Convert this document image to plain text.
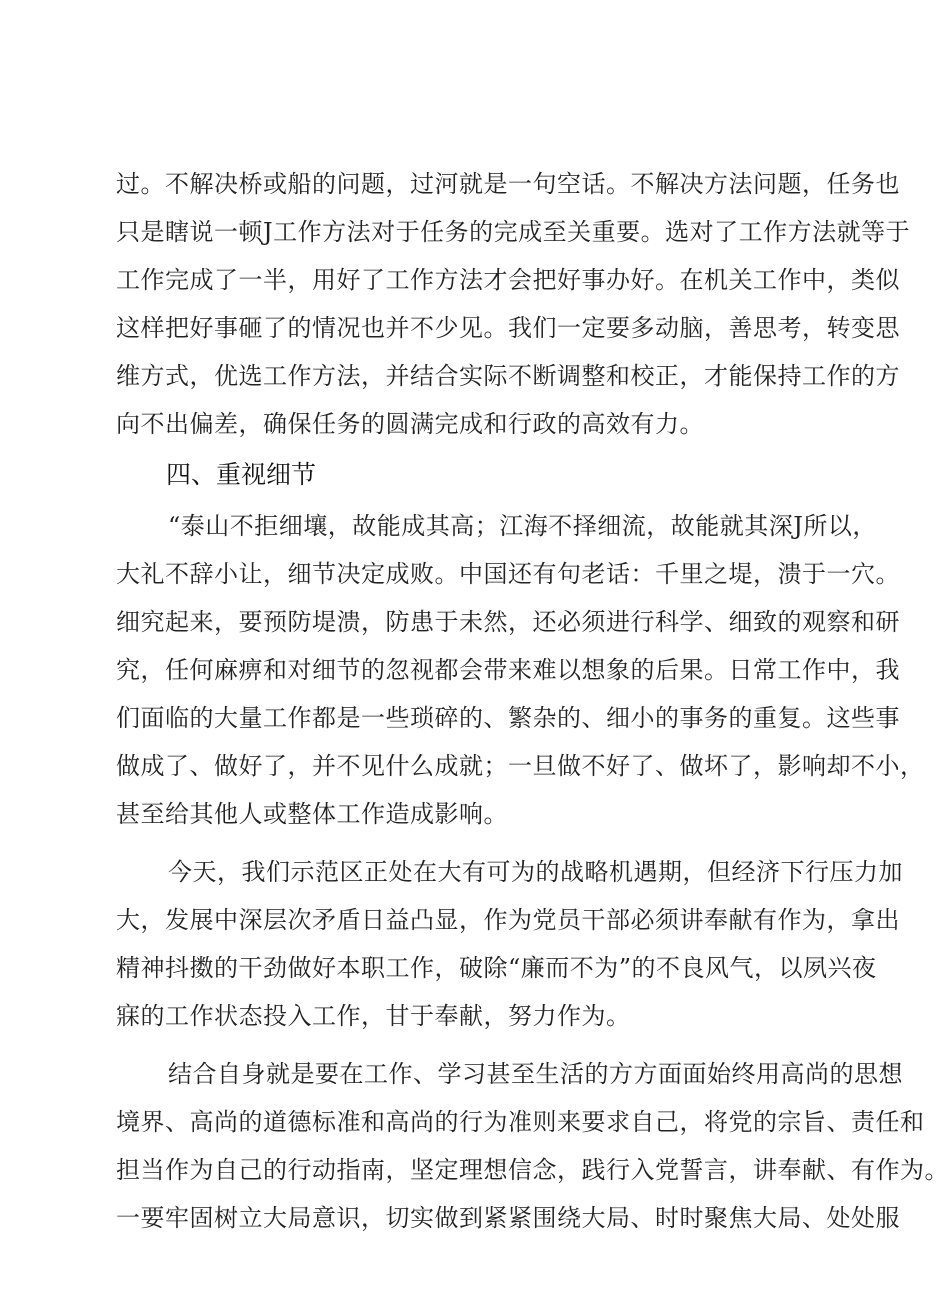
过。不解决桥或船的问题，过河就是一句空话。不解决方法问题，任务也
只是瞎说一顿J工作方法对于任务的完成至关重要。选对了工作方法就等于
工作完成了一半，用好了工作方法才会把好事办好。在机关工作中，类似
这样把好事砸了的情况也并不少见。我们一定要多动脑，善思考，转变思
维方式，优选工作方法，并结合实际不断调整和校正，才能保持工作的方
向不出偏差，确保任务的圆满完成和行政的高效有力。
四、重视细节
“泰山不拒细壤，故能成其高；江海不择细流，故能就其深J所以，
大礼不辞小让，细节决定成败。中国还有句老话：千里之堤，溃于一穴。
细究起来，要预防堤溃，防患于未然，还必须进行科学、细致的观察和研
究，任何麻痹和对细节的忽视都会带来难以想象的后果。日常工作中，我
们面临的大量工作都是一些琐碎的、繁杂的、细小的事务的重复。这些事
做成了、做好了，并不见什么成就；一旦做不好了、做坏了，影响却不小，
甚至给其他人或整体工作造成影响。
今天，我们示范区正处在大有可为的战略机遇期，但经济下行压力加
大，发展中深层次矛盾日益凸显，作为党员干部必须讲奉献有作为，拿出
精神抖擞的干劲做好本职工作，破除“廉而不为”的不良风气，以夙兴夜
寐的工作状态投入工作，甘于奉献，努力作为。
结合自身就是要在工作、学习甚至生活的方方面面始终用高尚的思想
境界、高尚的道德标准和高尚的行为准则来要求自己，将党的宗旨、责任和
担当作为自己的行动指南，坚定理想信念，践行入党誓言，讲奉献、有作为。
一要牢固树立大局意识，切实做到紧紧围绕大局、时时聚焦大局、处处服
